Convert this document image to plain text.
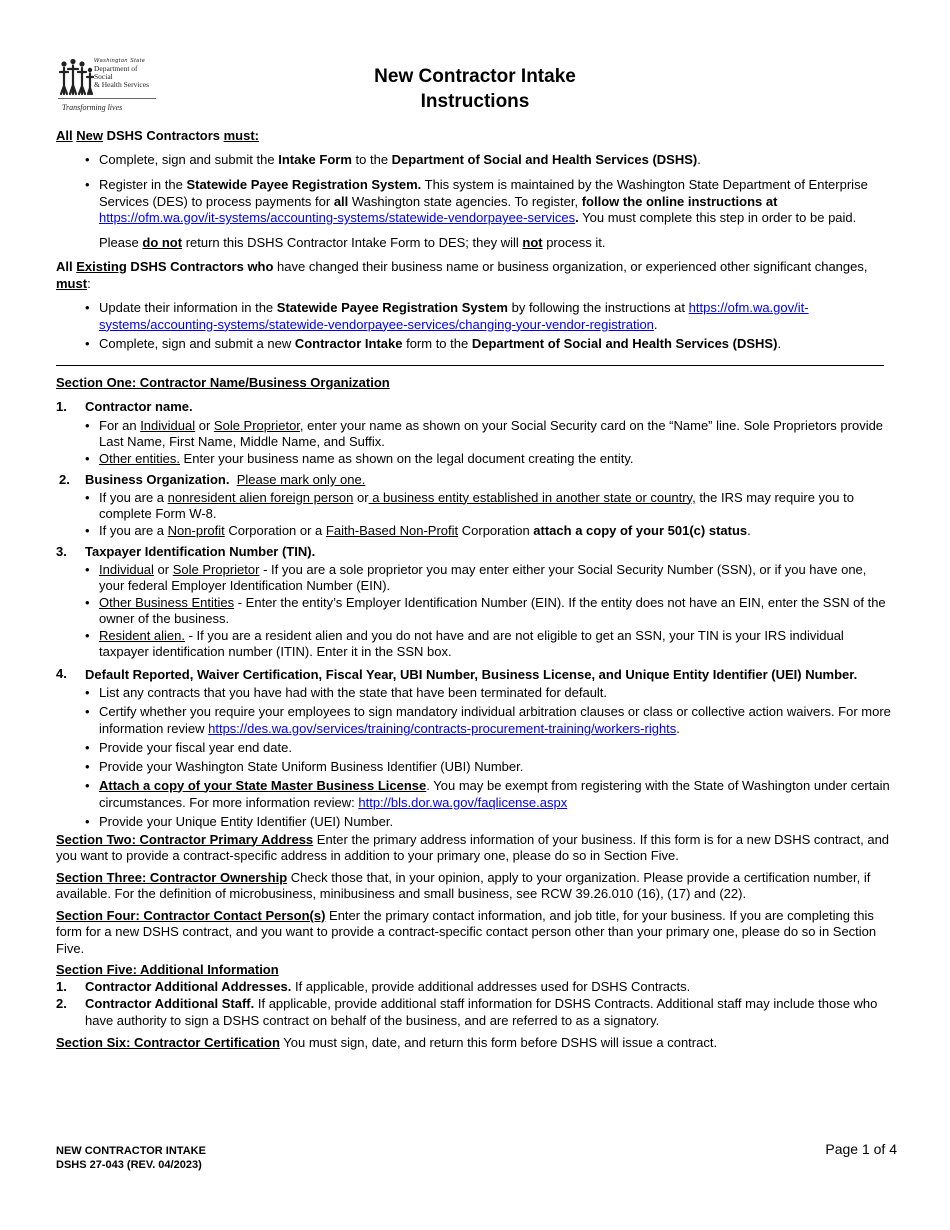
Washington State
Department of Social
& Health Services
Transforming lives
New Contractor Intake
Instructions

All New DSHS Contractors must:

• Complete, sign and submit the Intake Form to the Department of Social and Health Services (DSHS).
• Register in the Statewide Payee Registration System. This system is maintained by the Washington State Department of Enterprise Services (DES) to process payments for all Washington state agencies. To register, follow the online instructions at https://ofm.wa.gov/it-systems/accounting-systems/statewide-vendorpayee-services. You must complete this step in order to be paid.

Please do not return this DSHS Contractor Intake Form to DES; they will not process it.

All Existing DSHS Contractors who have changed their business name or business organization, or experienced other significant changes, must:

• Update their information in the Statewide Payee Registration System by following the instructions at https://ofm.wa.gov/it-systems/accounting-systems/statewide-vendorpayee-services/changing-your-vendor-registration.
• Complete, sign and submit a new Contractor Intake form to the Department of Social and Health Services (DSHS).

Section One: Contractor Name/Business Organization

1. Contractor name.
• For an Individual or Sole Proprietor, enter your name as shown on your Social Security card on the “Name” line. Sole Proprietors provide Last Name, First Name, Middle Name, and Suffix.
• Other entities. Enter your business name as shown on the legal document creating the entity.
2. Business Organization. Please mark only one.
• If you are a nonresident alien foreign person or a business entity established in another state or country, the IRS may require you to complete Form W-8.
• If you are a Non-profit Corporation or a Faith-Based Non-Profit Corporation attach a copy of your 501(c) status.
3. Taxpayer Identification Number (TIN).
• Individual or Sole Proprietor - If you are a sole proprietor you may enter either your Social Security Number (SSN), or if you have one, your federal Employer Identification Number (EIN).
• Other Business Entities - Enter the entity’s Employer Identification Number (EIN). If the entity does not have an EIN, enter the SSN of the owner of the business.
• Resident alien. - If you are a resident alien and you do not have and are not eligible to get an SSN, your TIN is your IRS individual taxpayer identification number (ITIN). Enter it in the SSN box.
4. Default Reported, Waiver Certification, Fiscal Year, UBI Number, Business License, and Unique Entity Identifier (UEI) Number.
• List any contracts that you have had with the state that have been terminated for default.
• Certify whether you require your employees to sign mandatory individual arbitration clauses or class or collective action waivers. For more information review https://des.wa.gov/services/training/contracts-procurement-training/workers-rights.
• Provide your fiscal year end date.
• Provide your Washington State Uniform Business Identifier (UBI) Number.
• Attach a copy of your State Master Business License. You may be exempt from registering with the State of Washington under certain circumstances. For more information review: http://bls.dor.wa.gov/faqlicense.aspx
• Provide your Unique Entity Identifier (UEI) Number.

Section Two: Contractor Primary Address Enter the primary address information of your business. If this form is for a new DSHS contract, and you want to provide a contract-specific address in addition to your primary one, please do so in Section Five.

Section Three: Contractor Ownership Check those that, in your opinion, apply to your organization. Please provide a certification number, if available. For the definition of microbusiness, minibusiness and small business, see RCW 39.26.010 (16), (17) and (22).

Section Four: Contractor Contact Person(s) Enter the primary contact information, and job title, for your business. If you are completing this form for a new DSHS contract, and you want to provide a contract-specific contact person other than your primary one, please do so in Section Five.

Section Five: Additional Information

1. Contractor Additional Addresses. If applicable, provide additional addresses used for DSHS Contracts.
2. Contractor Additional Staff. If applicable, provide additional staff information for DSHS Contracts. Additional staff may include those who have authority to sign a DSHS contract on behalf of the business, and are referred to as a signatory.

Section Six: Contractor Certification You must sign, date, and return this form before DSHS will issue a contract.

NEW CONTRACTOR INTAKE
DSHS 27-043 (REV. 04/2023)
Page 1 of 4
